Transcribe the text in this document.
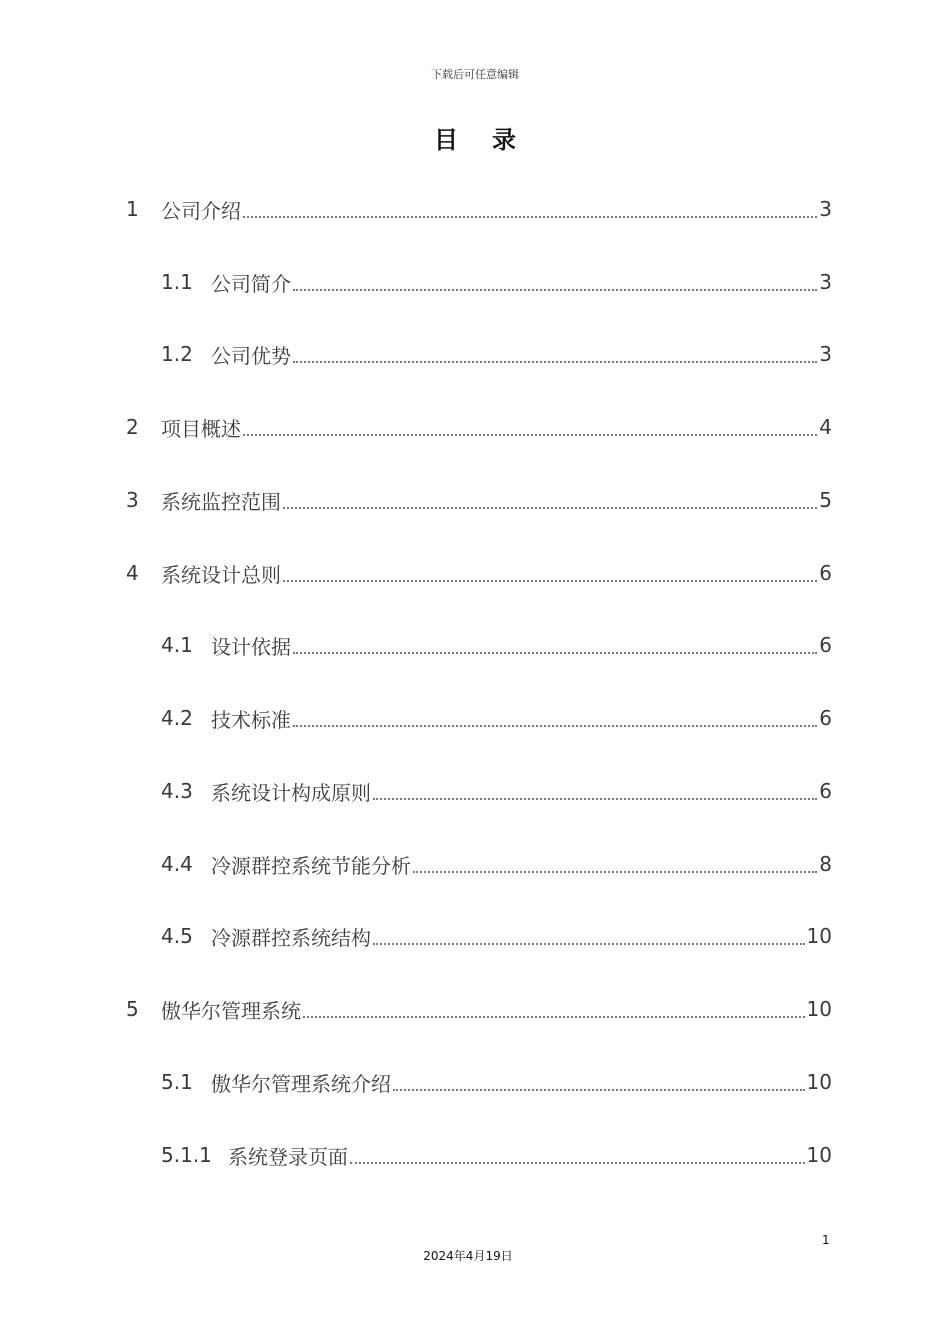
下载后可任意编辑
目录
1	公司介绍	3
1.1 公司简介	3
1.2 公司优势	3
2	项目概述	4
3	系统监控范围	5
4	系统设计总则	6
4.1 设计依据	6
4.2 技术标准	6
4.3 系统设计构成原则	6
4.4 冷源群控系统节能分析	8
4.5 冷源群控系统结构	10
5	傲华尔管理系统	10
5.1 傲华尔管理系统介绍	10
5.1.1 系统登录页面	10
1
2024年4月19日
